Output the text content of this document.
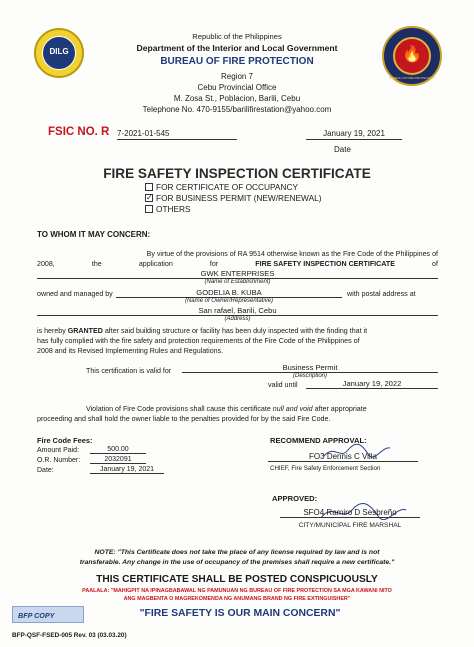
DILG	🔥
BUREAU OF FIRE PROTECTION
Republic of the Philippines
Department of the Interior and Local Government
BUREAU OF FIRE PROTECTION
Region 7
Cebu Provincial Office
M. Zosa St., Poblacion, Barili, Cebu
Telephone No. 470-9155/barilifirestation@yahoo.com
FSIC NO. R 7-2021-01-545	January 19, 2021
Date
FIRE SAFETY INSPECTION CERTIFICATE
FOR CERTIFICATE OF OCCUPANCY
✓ FOR BUSINESS PERMIT (NEW/RENEWAL)
OTHERS
TO WHOM IT MAY CONCERN:
By virtue of the provisions of RA 9514 otherwise known as the Fire Code of the Philippines of
2008,	the	application	for	FIRE SAFETY INSPECTION CERTIFICATE	of
GWK ENTERPRISES
(Name of Establishment)
owned and managed by	GODELIA B. KUBA	with postal address at
(Name of Owner/Representative)
San rafael, Barili, Cebu
(Address)
is hereby GRANTED after said building structure or facility has been duly inspected with the finding that it
has fully complied with the fire safety and protection requirements of the Fire Code of the Philippines of
2008 and its Revised Implementing Rules and Regulations.
This certification is valid for	Business Permit
(Description)
valid until	January 19, 2022
Violation of Fire Code provisions shall cause this certificate null and void after appropriate
proceeding and shall hold the owner liable to the penalties provided for by the said Fire Code.
Fire Code Fees:
Amount Paid:	500.00
O.R. Number:	2032091
Date:	January 19, 2021
RECOMMEND APPROVAL:
FO3 Dennis C Villa
CHIEF, Fire Safety Enforcement Section
APPROVED:
SFO4 Ramiro D Sesbreño
CITY/MUNICIPAL FIRE MARSHAL
NOTE: "This Certificate does not take the place of any license required by law and is not
transferable. Any change in the use of occupancy of the premises shall require a new certificate."
THIS CERTIFICATE SHALL BE POSTED CONSPICUOUSLY
PAALALA: "MAHIGPIT NA IPINAGBABAWAL NG PAMUNUAN NG BUREAU OF FIRE PROTECTION SA MGA KAWANI NITO
ANG MAGBENTA O MAGREKOMENDA NG ANUMANG BRAND NG FIRE EXTINGUISHER"
BFP COPY	"FIRE SAFETY IS OUR MAIN CONCERN"
BFP-QSF-FSED-005 Rev. 03 (03.03.20)
